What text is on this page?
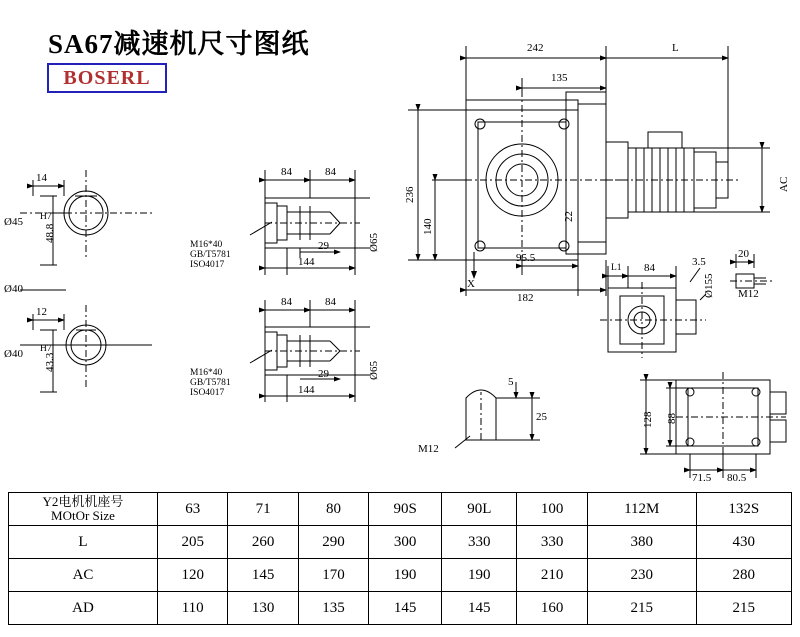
SA67减速机尺寸图纸
BOSERL
242	L
135
236
140
22
X
95.5
182
AC
L1 84	3.5
20
Ø155 M12
128 88
71.5 80.5
M12
5
25
14
Ø45 H7
48.8
Ø40
12
Ø40 H7
43.3
84	84
29
144
Ø65
84	84
29
144
Ø65
M16*40
GB/T5781
ISO4017
M16*40
GB/T5781
ISO4017
Y2电机机座号
MOtOr Size	63	71	80	90S	90L	100	112M	132S
L	205	260	290	300	330	330	380	430
AC	120	145	170	190	190	210	230	280
AD	110	130	135	145	145	160	215	215
